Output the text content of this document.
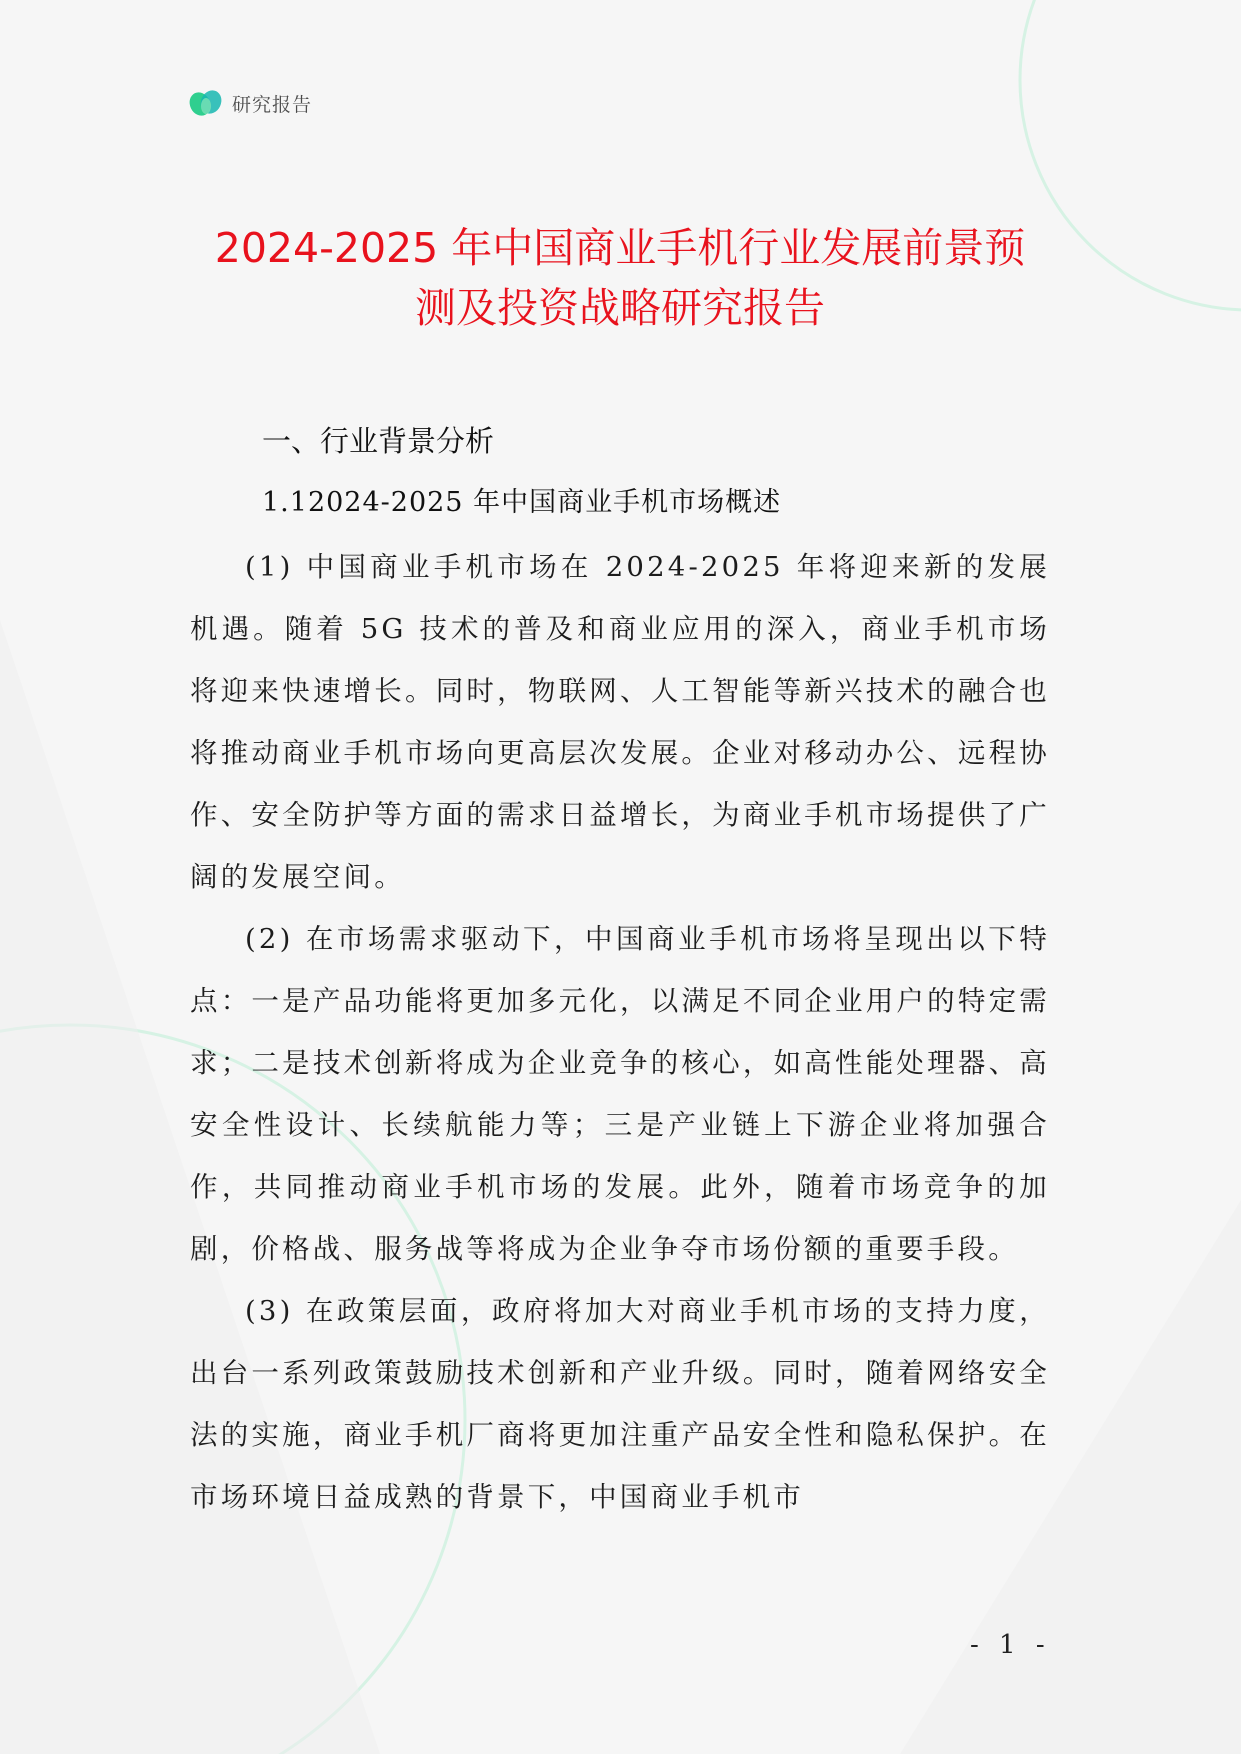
研究报告
2024-2025 年中国商业手机行业发展前景预
测及投资战略研究报告
一、行业背景分析
1.12024-2025 年中国商业手机市场概述

(1) 中国商业手机市场在 2024-2025 年将迎来新的发展机遇。随着 5G 技术的普及和商业应用的深入，商业手机市场将迎来快速增长。同时，物联网、人工智能等新兴技术的融合也将推动商业手机市场向更高层次发展。企业对移动办公、远程协作、安全防护等方面的需求日益增长，为商业手机市场提供了广阔的发展空间。

(2) 在市场需求驱动下，中国商业手机市场将呈现出以下特点：一是产品功能将更加多元化，以满足不同企业用户的特定需求；二是技术创新将成为企业竞争的核心，如高性能处理器、高安全性设计、长续航能力等；三是产业链上下游企业将加强合作，共同推动商业手机市场的发展。此外，随着市场竞争的加剧，价格战、服务战等将成为企业争夺市场份额的重要手段。

(3) 在政策层面，政府将加大对商业手机市场的支持力度，出台一系列政策鼓励技术创新和产业升级。同时，随着网络安全法的实施，商业手机厂商将更加注重产品安全性和隐私保护。在市场环境日益成熟的背景下，中国商业手机市

- 1 -
